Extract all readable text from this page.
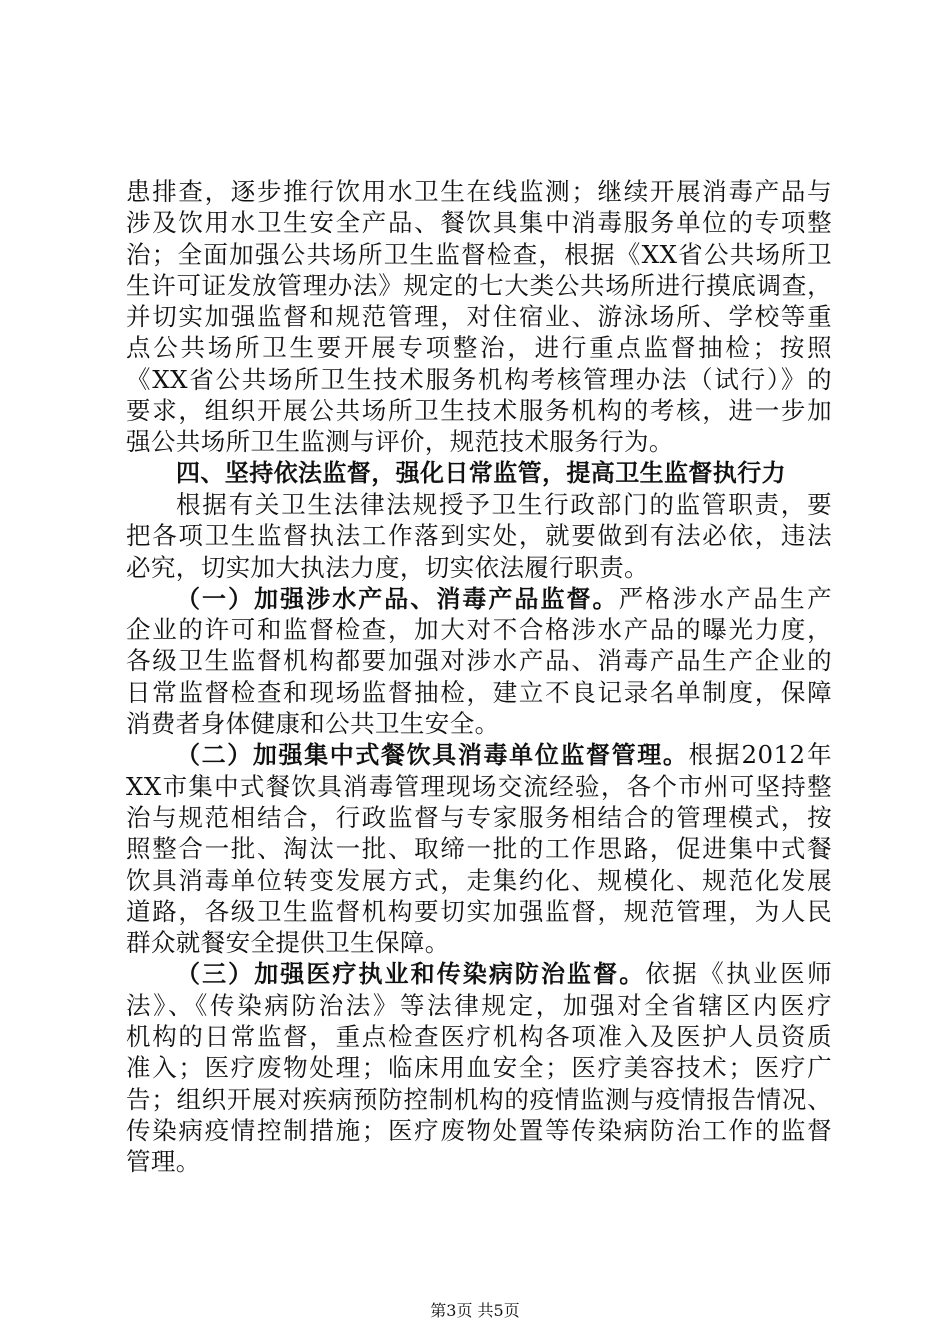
患排查，逐步推行饮用水卫生在线监测；继续开展消毒产品与
涉及饮用水卫生安全产品、餐饮具集中消毒服务单位的专项整
治；全面加强公共场所卫生监督检查，根据《XX省公共场所卫
生许可证发放管理办法》规定的七大类公共场所进行摸底调查，
并切实加强监督和规范管理，对住宿业、游泳场所、学校等重
点公共场所卫生要开展专项整治，进行重点监督抽检；按照
《XX省公共场所卫生技术服务机构考核管理办法（试行）》的
要求，组织开展公共场所卫生技术服务机构的考核，进一步加
强公共场所卫生监测与评价，规范技术服务行为。
四、坚持依法监督，强化日常监管，提高卫生监督执行力
根据有关卫生法律法规授予卫生行政部门的监管职责，要
把各项卫生监督执法工作落到实处，就要做到有法必依，违法
必究，切实加大执法力度，切实依法履行职责。
（一）加强涉水产品、消毒产品监督。严格涉水产品生产
企业的许可和监督检查，加大对不合格涉水产品的曝光力度，
各级卫生监督机构都要加强对涉水产品、消毒产品生产企业的
日常监督检查和现场监督抽检，建立不良记录名单制度，保障
消费者身体健康和公共卫生安全。
（二）加强集中式餐饮具消毒单位监督管理。根据2012年
XX市集中式餐饮具消毒管理现场交流经验，各个市州可坚持整
治与规范相结合，行政监督与专家服务相结合的管理模式，按
照整合一批、淘汰一批、取缔一批的工作思路，促进集中式餐
饮具消毒单位转变发展方式，走集约化、规模化、规范化发展
道路，各级卫生监督机构要切实加强监督，规范管理，为人民
群众就餐安全提供卫生保障。
（三）加强医疗执业和传染病防治监督。依据《执业医师
法》、《传染病防治法》等法律规定，加强对全省辖区内医疗
机构的日常监督，重点检查医疗机构各项准入及医护人员资质
准入；医疗废物处理；临床用血安全；医疗美容技术；医疗广
告；组织开展对疾病预防控制机构的疫情监测与疫情报告情况、
传染病疫情控制措施；医疗废物处置等传染病防治工作的监督
管理。
第3页 共5页
